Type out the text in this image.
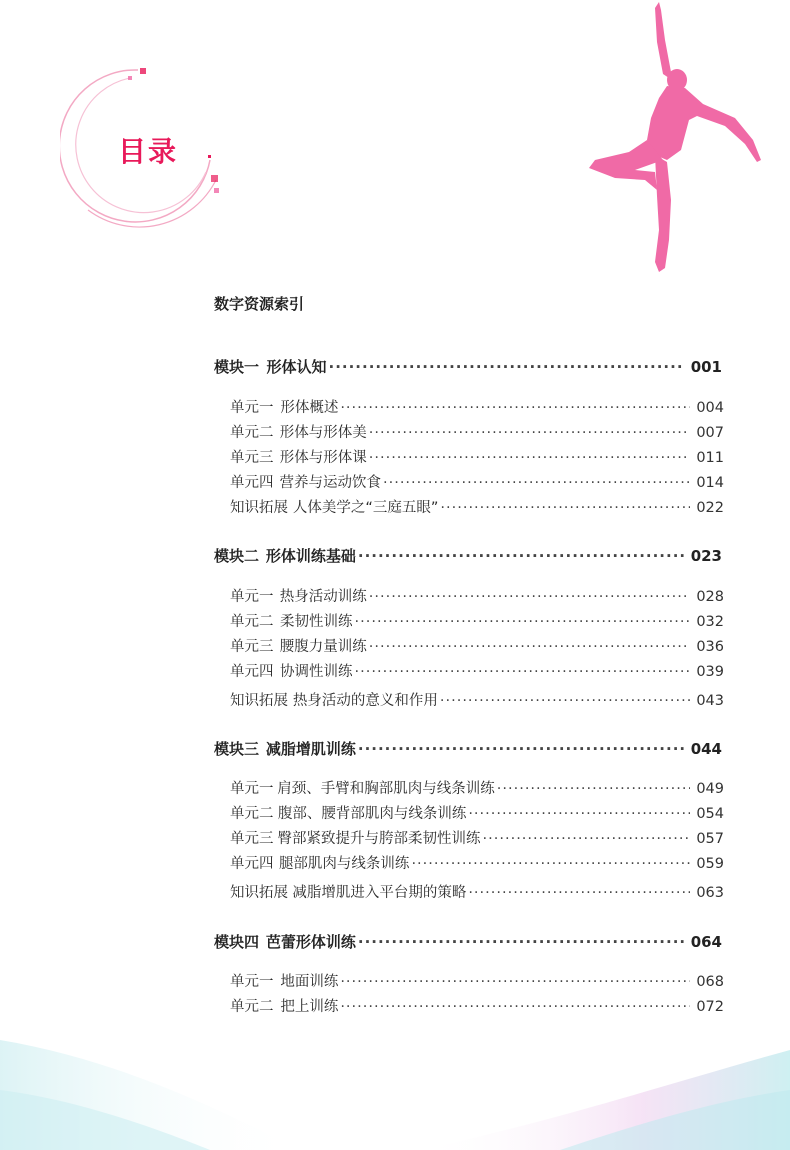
目录
数字资源索引
模块一 形体认知 ·····	001
单元一 形体概述 ·····	004
单元二 形体与形体美 ·····	007
单元三 形体与形体课 ·····	011
单元四 营养与运动饮食 ·····	014
知识拓展 人体美学之“三庭五眼” ·····	022
模块二 形体训练基础 ·····	023
单元一 热身活动训练 ·····	028
单元二 柔韧性训练 ·····	032
单元三 腰腹力量训练 ·····	036
单元四 协调性训练 ·····	039
知识拓展 热身活动的意义和作用 ·····	043
模块三 减脂增肌训练 ·····	044
单元一 肩颈、手臂和胸部肌肉与线条训练 ·····	049
单元二 腹部、腰背部肌肉与线条训练 ·····	054
单元三 臀部紧致提升与胯部柔韧性训练 ·····	057
单元四 腿部肌肉与线条训练 ·····	059
知识拓展 减脂增肌进入平台期的策略 ·····	063
模块四 芭蕾形体训练 ·····	064
单元一 地面训练 ·····	068
单元二 把上训练 ·····	072
